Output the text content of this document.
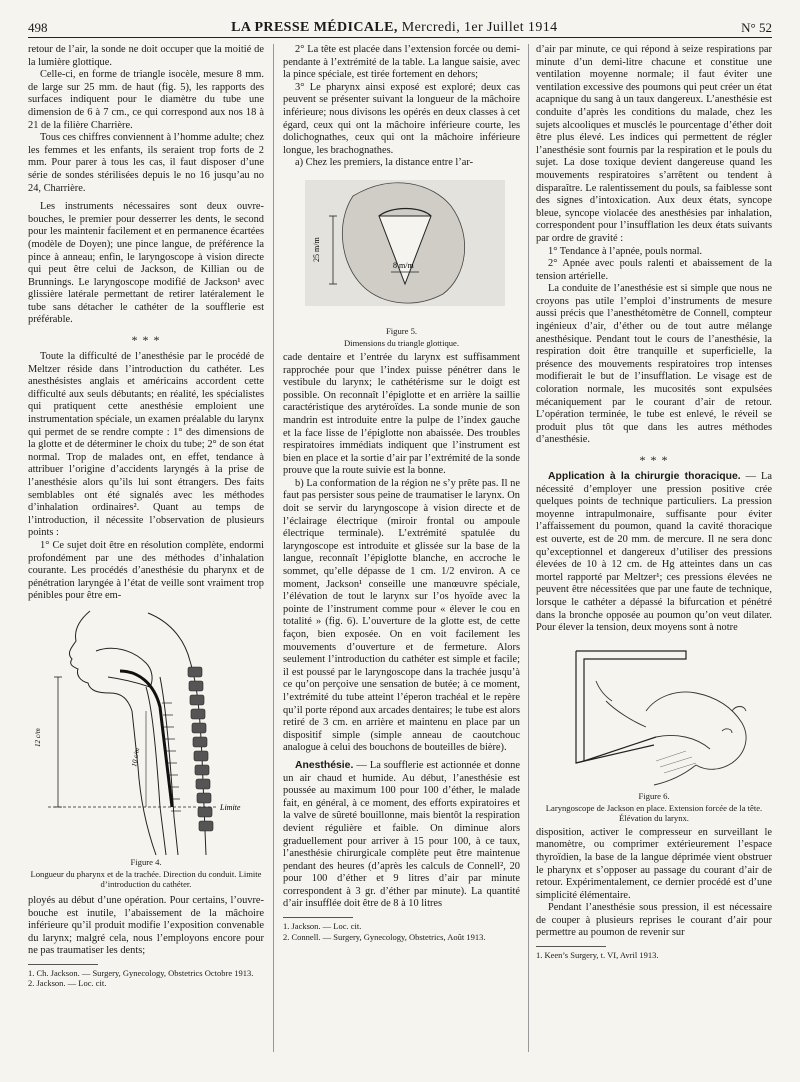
498	LA PRESSE MÉDICALE, Mercredi, 1er Juillet 1914	N° 52

retour de l’air, la sonde ne doit occuper que la moitié de la lumière glottique.

Celle-ci, en forme de triangle isocèle, mesure 8 mm. de large sur 25 mm. de haut (fig. 5), les rapports des surfaces indiquent pour le diamètre du tube une dimension de 6 à 7 cm., ce qui correspond aux nos 18 à 21 de la filière Charrière.

Tous ces chiffres conviennent à l’homme adulte; chez les femmes et les enfants, ils seraient trop forts de 2 mm. Pour parer à tous les cas, il faut disposer d’une série de sondes stérilisées depuis le no 16 jusqu’au no 24, Charrière.

Les instruments nécessaires sont deux ouvre-bouches, le premier pour desserrer les dents, le second pour les maintenir facilement et en permanence écartées (modèle de Doyen); une pince langue, de préférence la pince à anneau; enfin, le laryngoscope à vision directe qui peut être celui de Jackson, de Killian ou de Brunnings. Le laryngoscope modifié de Jackson¹ avec glissière latérale permettant de retirer latéralement le tube sans détacher le cathéter de la soufflerie est préférable.

* * *

Toute la difficulté de l’anesthésie par le procédé de Meltzer réside dans l’introduction du cathéter. Les anesthésistes anglais et américains accordent cette difficulté aux seuls débutants; en réalité, les spécialistes qui pratiquent cette anesthésie emploient une instrumentation spéciale, un examen préalable du larynx qui permet de se rendre compte : 1° des dimensions de la glotte et de déterminer le choix du tube; 2° de son état normal. Trop de malades ont, en effet, tendance à attribuer l’origine d’accidents laryngés à la prise de l’anesthésie alors qu’ils lui sont étrangers. Des faits semblables ont été signalés avec les méthodes d’inhalation ordinaires². Quant au temps de l’introduction, il nécessite l’observation de plusieurs points :

1° Ce sujet doit être en résolution complète, endormi profondément par une des méthodes d’inhalation courante. Les procédés d’anesthésie du pharynx et de pénétration laryngée à l’état de veille sont vraiment trop pénibles pour être em-

Limite
12 c/m
10 c/m
Figure 4.
Longueur du pharynx et de la trachée. Direction du conduit. Limite d’introduction du cathéter.

ployés au début d’une opération. Pour certains, l’ouvre-bouche est inutile, l’abaissement de la mâchoire inférieure qu’il produit modifie l’exposition convenable du larynx; malgré cela, nous l’employons encore pour ne pas traumatiser les dents;

1. Ch. Jackson. — Surgery, Gynecology, Obstetrics Octobre 1913.
2. Jackson. — Loc. cit.

2° La tête est placée dans l’extension forcée ou demi-pendante à l’extrémité de la table. La langue saisie, avec la pince spéciale, est tirée fortement en dehors;

3° Le pharynx ainsi exposé est exploré; deux cas peuvent se présenter suivant la longueur de la mâchoire inférieure; nous divisons les opérés en deux classes à cet égard, ceux qui ont la mâchoire inférieure courte, les dolichognathes, ceux qui ont la mâchoire inférieure longue, les brachognathes.

a) Chez les premiers, la distance entre l’ar-

25 m/m
8 m/m
Figure 5.
Dimensions du triangle glottique.

cade dentaire et l’entrée du larynx est suffisamment rapprochée pour que l’index puisse pénétrer dans le vestibule du larynx; le cathétérisme sur le doigt est possible. On reconnaît l’épiglotte et en arrière la saillie caractéristique des arytéroïdes. La sonde munie de son mandrin est introduite entre la pulpe de l’index gauche et la face lisse de l’épiglotte non abaissée. Des troubles respiratoires immédiats indiquent que l’instrument est bien en place et la sortie d’air par l’extrémité de la sonde prouve que la route suivie est la bonne.

b) La conformation de la région ne s’y prête pas. Il ne faut pas persister sous peine de traumatiser le larynx. On doit se servir du laryngoscope à vision directe et de l’éclairage électrique (miroir frontal ou ampoule électrique terminale). L’extrémité spatulée du laryngoscope est introduite et glissée sur la base de la langue, reconnaît l’épiglotte blanche, en accroche le sommet, qu’elle dépasse de 1 cm. 1/2 environ. A ce moment, Jackson¹ conseille une manœuvre spéciale, l’élévation de tout le larynx sur l’os hyoïde avec la pointe de l’instrument comme pour « élever le cou en totalité » (fig. 6). L’ouverture de la glotte est, de cette façon, bien exposée. On en voit facilement les mouvements d’ouverture et de fermeture. Alors seulement l’introduction du cathéter est simple et facile; il est poussé par le laryngoscope dans la trachée jusqu’à ce qu’on perçoive une sensation de butée; à ce moment, l’extrémité du tube atteint l’éperon trachéal et le repère qu’il porte répond aux arcades dentaires; le tube est alors retiré de 3 cm. en arrière et maintenu en place par un dispositif simple (simple anneau de caoutchouc analogue à celui des bouchons de bouteilles de bière).

Anesthésie. — La soufflerie est actionnée et donne un air chaud et humide. Au début, l’anesthésie est poussée au maximum 100 pour 100 d’éther, le malade fait, en général, à ce moment, des efforts expiratoires et la valve de sûreté bouillonne, mais bientôt la respiration devient régulière et faible. On diminue alors graduellement pour arriver à 15 pour 100, à ce taux, l’anesthésie chirurgicale complète peut être maintenue pendant des heures (d’après les calculs de Connell², 20 pour 100 d’éther et 9 litres d’air par minute correspondent à 3 gr. d’éther par minute). La quantité d’air insufflée doit être de 8 à 10 litres

1. Jackson. — Loc. cit.
2. Connell. — Surgery, Gynecology, Obstetrics, Août 1913.

d’air par minute, ce qui répond à seize respirations par minute d’un demi-litre chacune et constitue une ventilation moyenne normale; il faut éviter une ventilation excessive des poumons qui peut créer un état acapnique du sang à un taux dangereux. L’anesthésie est conduite d’après les conditions du malade, chez les sujets alcooliques et musclés le pourcentage d’éther doit être plus élevé. Les indices qui permettent de régler l’anesthésie sont fournis par la respiration et le pouls du sujet. La dose toxique devient dangereuse quand les mouvements respiratoires s’arrêtent ou tendent à disparaître. Le ralentissement du pouls, sa faiblesse sont des signes d’intoxication. Aux deux états, syncope bleue, syncope violacée des anesthésies par inhalation, correspondent pour l’insufflation les deux états suivants par ordre de gravité :

1° Tendance à l’apnée, pouls normal.

2° Apnée avec pouls ralenti et abaissement de la tension artérielle.

La conduite de l’anesthésie est si simple que nous ne croyons pas utile l’emploi d’instruments de mesure aussi précis que l’anesthétomètre de Connell, compteur ingénieux d’air, d’éther ou de tout autre mélange anesthésique. Pendant tout le cours de l’anesthésie, la respiration doit être tranquille et superficielle, la présence des mouvements respiratoires trop intenses modifierait le but de l’insufflation. Le visage est de coloration normale, les mucosités sont expulsées mécaniquement par le courant d’air de retour. L’opération terminée, le tube est enlevé, le réveil se produit plus tôt que dans les autres méthodes d’anesthésie.

* * *

Application à la chirurgie thoracique. — La nécessité d’employer une pression positive crée quelques points de technique particuliers. La pression moyenne intrapulmonaire, suffisante pour éviter l’affaissement du poumon, quand la cavité thoracique est ouverte, est de 20 mm. de mercure. Il ne sera donc qu’exceptionnel et dangereux d’utiliser des pressions élevées de 10 à 12 cm. de Hg atteintes dans un cas mortel rapporté par Meltzer¹; ces pressions élevées ne peuvent être nécessitées que par une faute de technique, lorsque le cathéter a dépassé la bifurcation et pénétré dans la bronche opposée au poumon qu’on veut dilater. Pour élever la tension, deux moyens sont à notre

Figure 6.
Laryngoscope de Jackson en place. Extension forcée de la tête. Élévation du larynx.

disposition, activer le compresseur en surveillant le manomètre, ou comprimer extérieurement l’espace thyroïdien, la base de la langue déprimée vient obstruer le pharynx et s’opposer au passage du courant d’air de retour. Expérimentalement, ce dernier procédé est d’une simplicité élémentaire.

Pendant l’anesthésie sous pression, il est nécessaire de couper à plusieurs reprises le courant d’air pour permettre au poumon de revenir sur

1. Keen’s Surgery, t. VI, Avril 1913.
